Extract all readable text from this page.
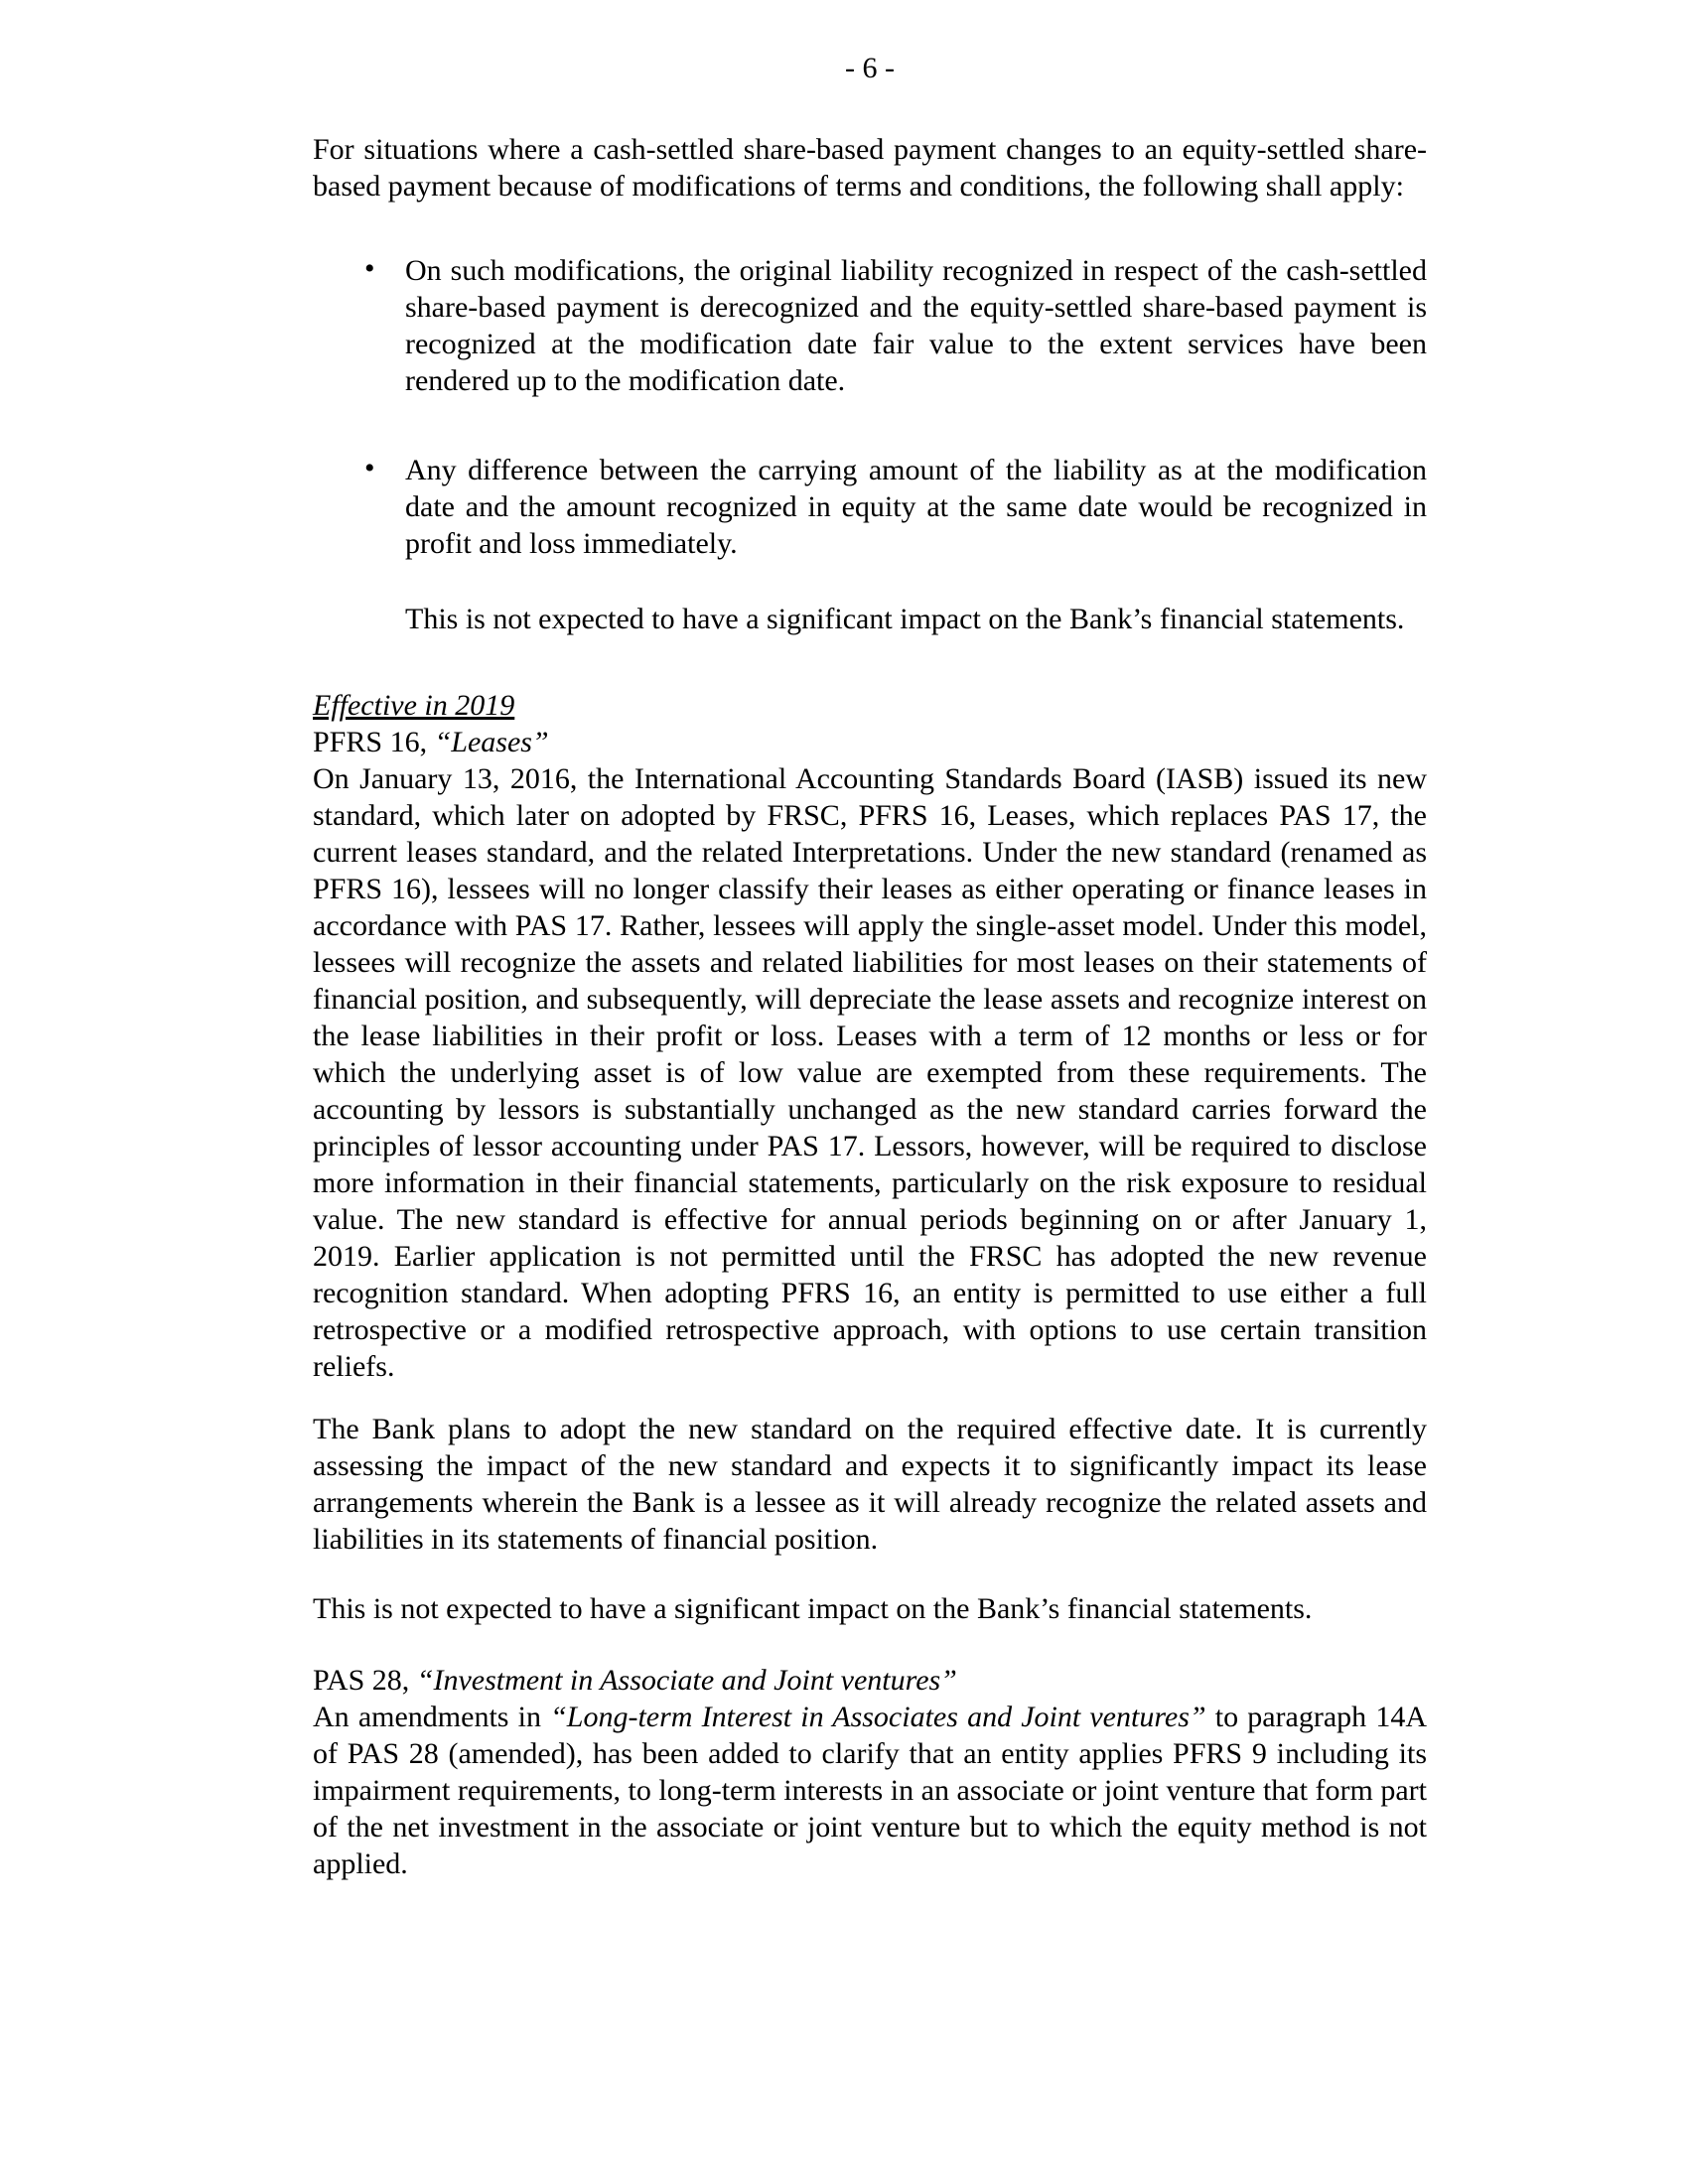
- 6 -

For situations where a cash-settled share-based payment changes to an equity-settled share-based payment because of modifications of terms and conditions, the following shall apply:

• On such modifications, the original liability recognized in respect of the cash-settled share-based payment is derecognized and the equity-settled share-based payment is recognized at the modification date fair value to the extent services have been rendered up to the modification date.
• Any difference between the carrying amount of the liability as at the modification date and the amount recognized in equity at the same date would be recognized in profit and loss immediately.

This is not expected to have a significant impact on the Bank’s financial statements.

Effective in 2019

PFRS 16, “Leases”

On January 13, 2016, the International Accounting Standards Board (IASB) issued its new standard, which later on adopted by FRSC, PFRS 16, Leases, which replaces PAS 17, the current leases standard, and the related Interpretations. Under the new standard (renamed as PFRS 16), lessees will no longer classify their leases as either operating or finance leases in accordance with PAS 17. Rather, lessees will apply the single-asset model. Under this model, lessees will recognize the assets and related liabilities for most leases on their statements of financial position, and subsequently, will depreciate the lease assets and recognize interest on the lease liabilities in their profit or loss. Leases with a term of 12 months or less or for which the underlying asset is of low value are exempted from these requirements. The accounting by lessors is substantially unchanged as the new standard carries forward the principles of lessor accounting under PAS 17. Lessors, however, will be required to disclose more information in their financial statements, particularly on the risk exposure to residual value. The new standard is effective for annual periods beginning on or after January 1, 2019. Earlier application is not permitted until the FRSC has adopted the new revenue recognition standard. When adopting PFRS 16, an entity is permitted to use either a full retrospective or a modified retrospective approach, with options to use certain transition reliefs.

The Bank plans to adopt the new standard on the required effective date. It is currently assessing the impact of the new standard and expects it to significantly impact its lease arrangements wherein the Bank is a lessee as it will already recognize the related assets and liabilities in its statements of financial position.

This is not expected to have a significant impact on the Bank’s financial statements.

PAS 28, “Investment in Associate and Joint ventures”

An amendments in “Long-term Interest in Associates and Joint ventures” to paragraph 14A of PAS 28 (amended), has been added to clarify that an entity applies PFRS 9 including its impairment requirements, to long-term interests in an associate or joint venture that form part of the net investment in the associate or joint venture but to which the equity method is not applied.
